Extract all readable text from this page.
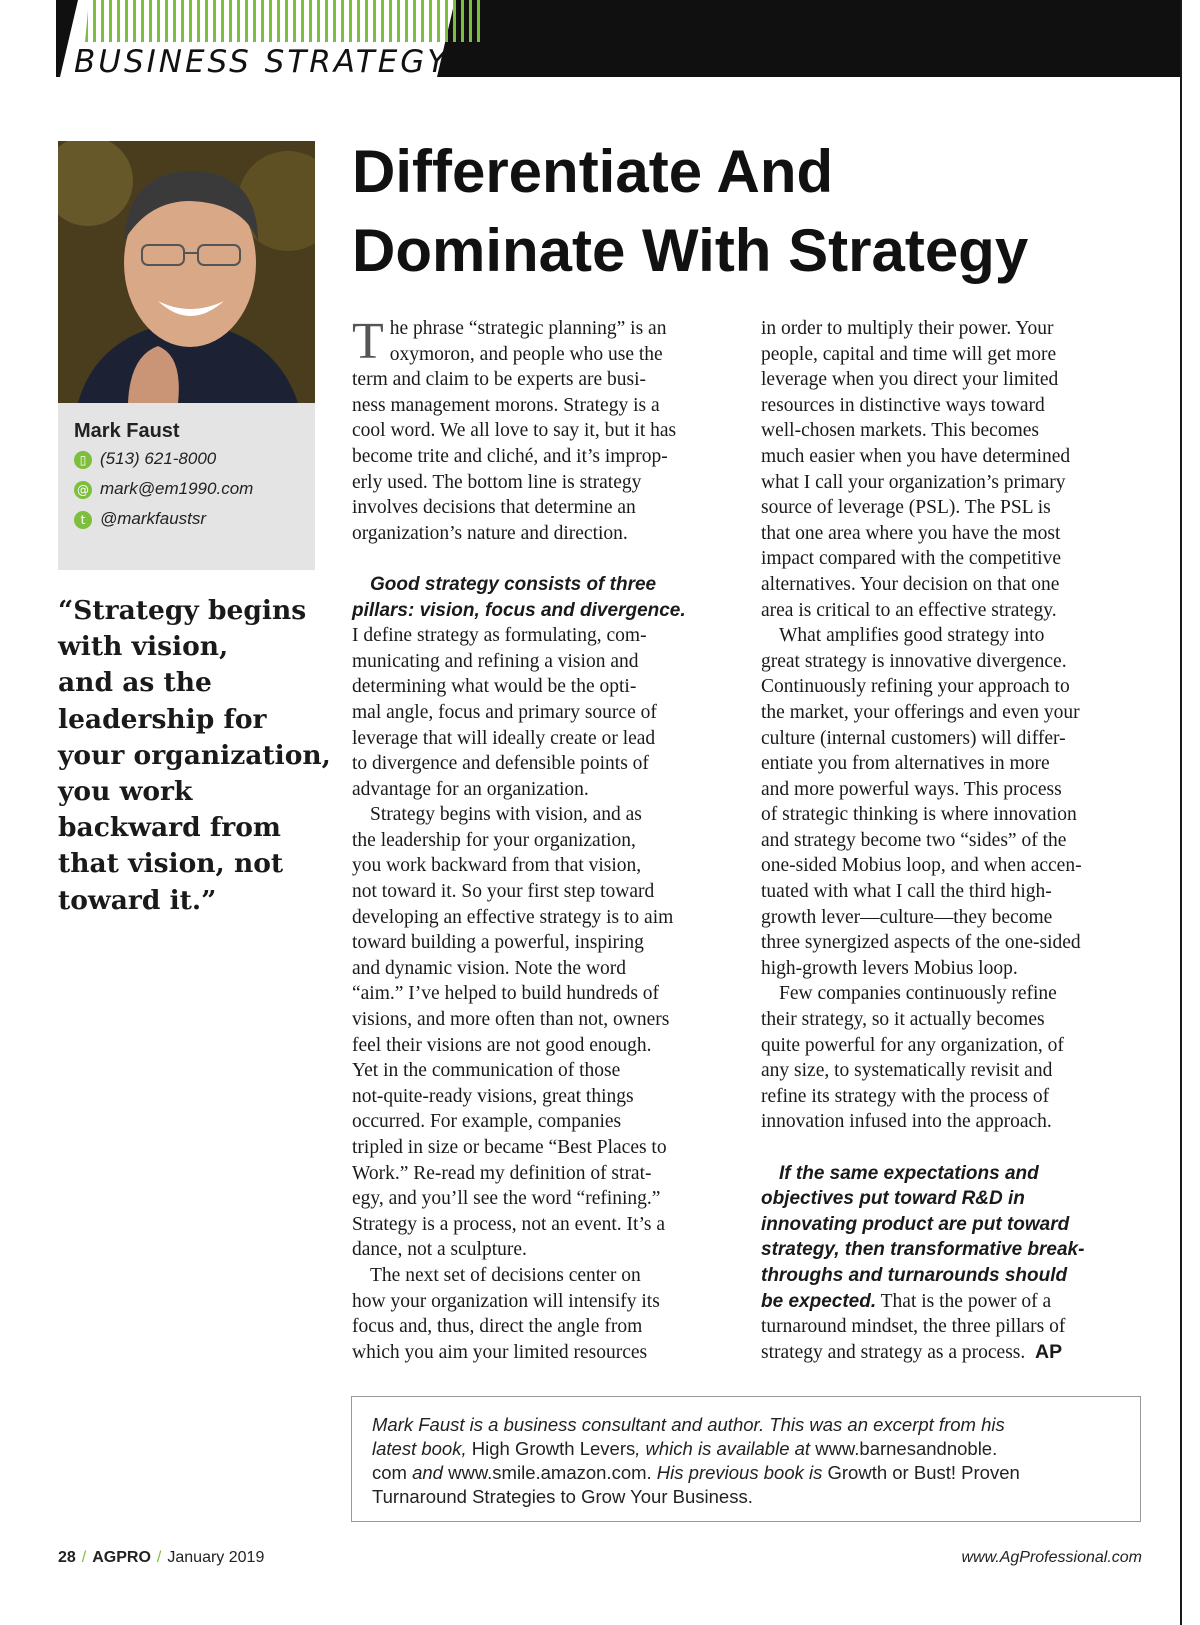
BUSINESS STRATEGY
Mark Faust
▯ (513) 621-8000
@ mark@em1990.com
t @markfaustsr
“Strategy begins
with vision,
and as the
leadership for
your organization,
you work
backward from
that vision, not
toward it.”
Differentiate And
Dominate With Strategy
T he phrase “strategic planning” is an
oxymoron, and people who use the
term and claim to be experts are busi-
ness management morons. Strategy is a
cool word. We all love to say it, but it has
become trite and cliché, and it’s improp-
erly used. The bottom line is strategy
involves decisions that determine an
organization’s nature and direction.
Good strategy consists of three
pillars: vision, focus and divergence.
I define strategy as formulating, com-
municating and refining a vision and
determining what would be the opti-
mal angle, focus and primary source of
leverage that will ideally create or lead
to divergence and defensible points of
advantage for an organization.
Strategy begins with vision, and as
the leadership for your organization,
you work backward from that vision,
not toward it. So your first step toward
developing an effective strategy is to aim
toward building a powerful, inspiring
and dynamic vision. Note the word
“aim.” I’ve helped to build hundreds of
visions, and more often than not, owners
feel their visions are not good enough.
Yet in the communication of those
not-quite-ready visions, great things
occurred. For example, companies
tripled in size or became “Best Places to
Work.” Re-read my definition of strat-
egy, and you’ll see the word “refining.”
Strategy is a process, not an event. It’s a
dance, not a sculpture.
The next set of decisions center on
how your organization will intensify its
focus and, thus, direct the angle from
which you aim your limited resources
in order to multiply their power. Your
people, capital and time will get more
leverage when you direct your limited
resources in distinctive ways toward
well-chosen markets. This becomes
much easier when you have determined
what I call your organization’s primary
source of leverage (PSL). The PSL is
that one area where you have the most
impact compared with the competitive
alternatives. Your decision on that one
area is critical to an effective strategy.
What amplifies good strategy into
great strategy is innovative divergence.
Continuously refining your approach to
the market, your offerings and even your
culture (internal customers) will differ-
entiate you from alternatives in more
and more powerful ways. This process
of strategic thinking is where innovation
and strategy become two “sides” of the
one-sided Mobius loop, and when accen-
tuated with what I call the third high-
growth lever—culture—they become
three synergized aspects of the one-sided
high-growth levers Mobius loop.
Few companies continuously refine
their strategy, so it actually becomes
quite powerful for any organization, of
any size, to systematically revisit and
refine its strategy with the process of
innovation infused into the approach.
If the same expectations and
objectives put toward R&D in
innovating product are put toward
strategy, then transformative break-
throughs and turnarounds should
be expected. That is the power of a
turnaround mindset, the three pillars of
strategy and strategy as a process. AP
Mark Faust is a business consultant and author. This was an excerpt from his
latest book, High Growth Levers, which is available at www.barnesandnoble.
com and www.smile.amazon.com. His previous book is Growth or Bust! Proven
Turnaround Strategies to Grow Your Business.
28 / AGPRO / January 2019	www.AgProfessional.com
